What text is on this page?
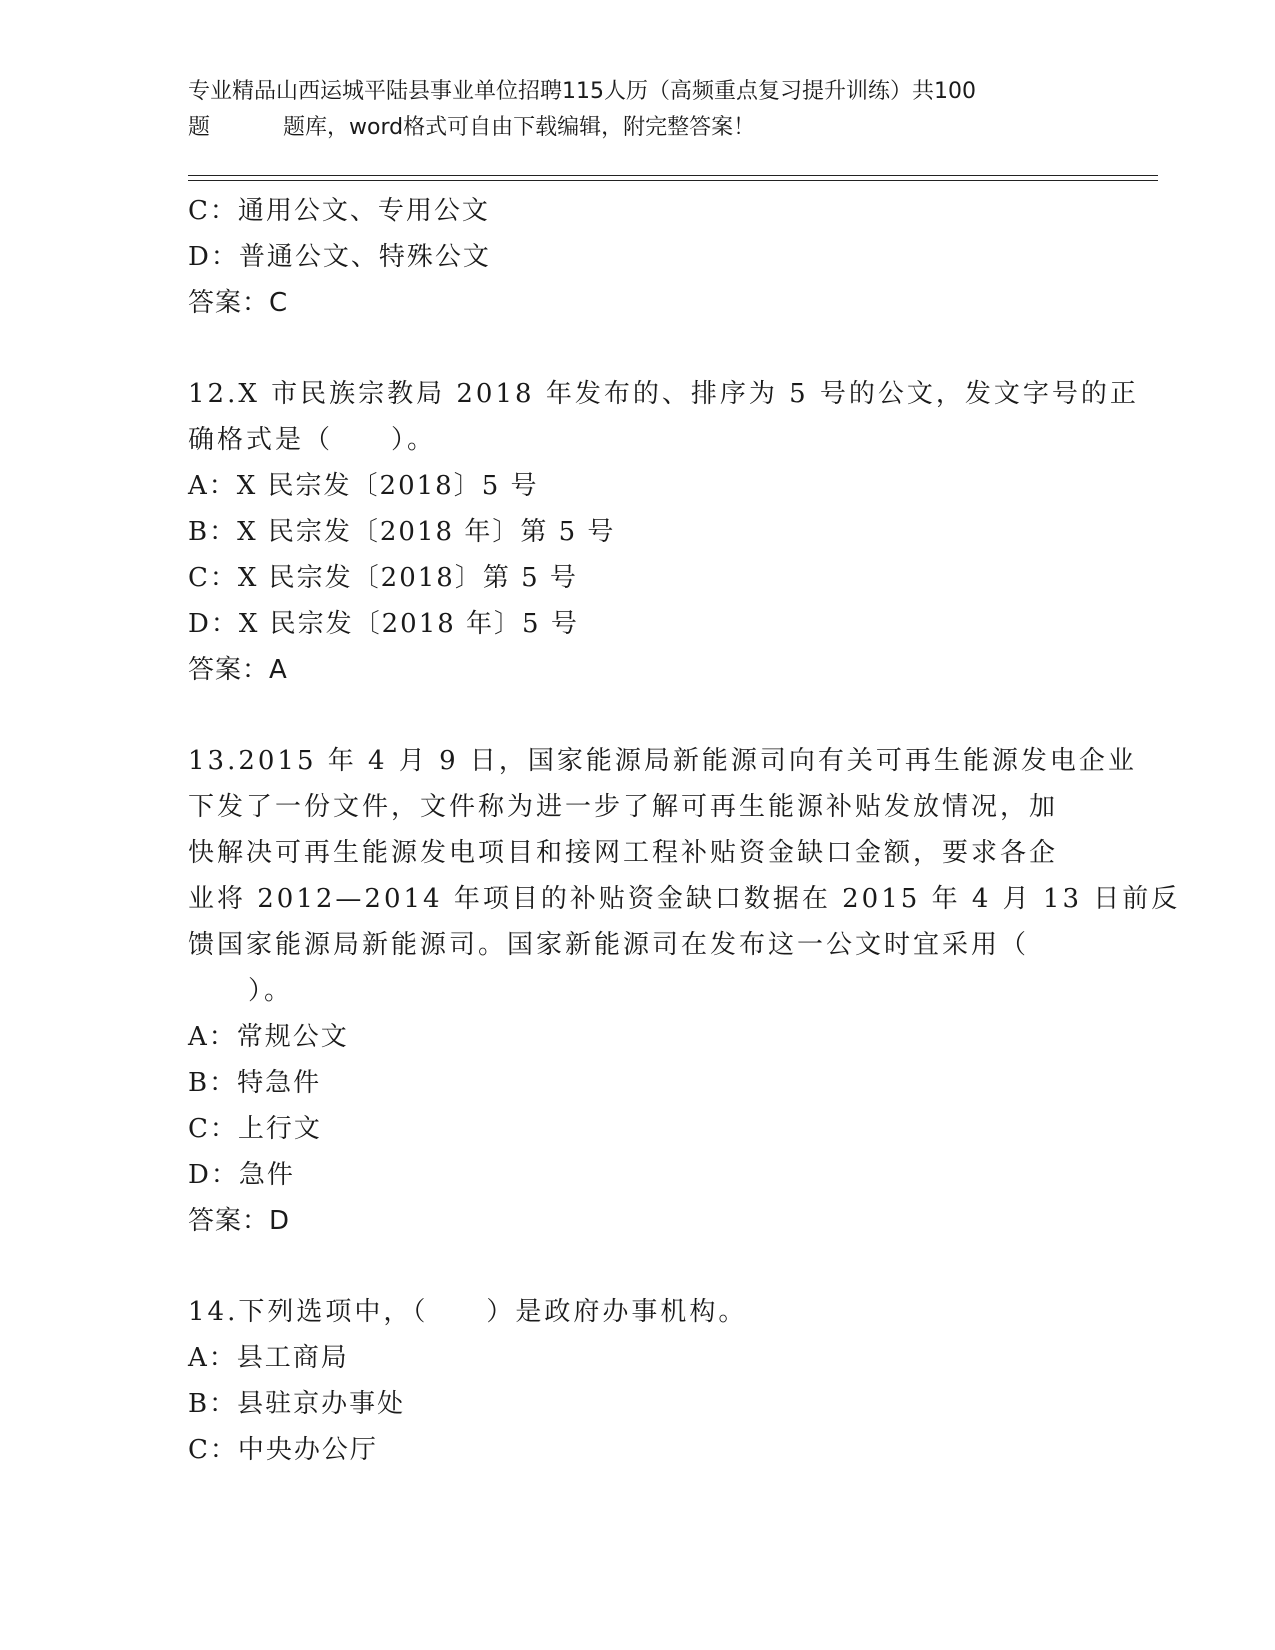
专业精品山西运城平陆县事业单位招聘115人历（高频重点复习提升训练）共100
题	题库，word格式可自由下载编辑，附完整答案！
C：通用公文、专用公文
D：普通公文、特殊公文
答案：C
12.X 市民族宗教局 2018 年发布的、排序为 5 号的公文，发文字号的正
确格式是（　　）。
A：X 民宗发〔2018〕5 号
B：X 民宗发〔2018 年〕第 5 号
C：X 民宗发〔2018〕第 5 号
D：X 民宗发〔2018 年〕5 号
答案：A
13.2015 年 4 月 9 日，国家能源局新能源司向有关可再生能源发电企业
下发了一份文件，文件称为进一步了解可再生能源补贴发放情况，加
快解决可再生能源发电项目和接网工程补贴资金缺口金额，要求各企
业将 2012—2014 年项目的补贴资金缺口数据在 2015 年 4 月 13 日前反
馈国家能源局新能源司。国家新能源司在发布这一公文时宜采用（
）。
A：常规公文
B：特急件
C：上行文
D：急件
答案：D
14.下列选项中，（　　）是政府办事机构。
A：县工商局
B：县驻京办事处
C：中央办公厅
